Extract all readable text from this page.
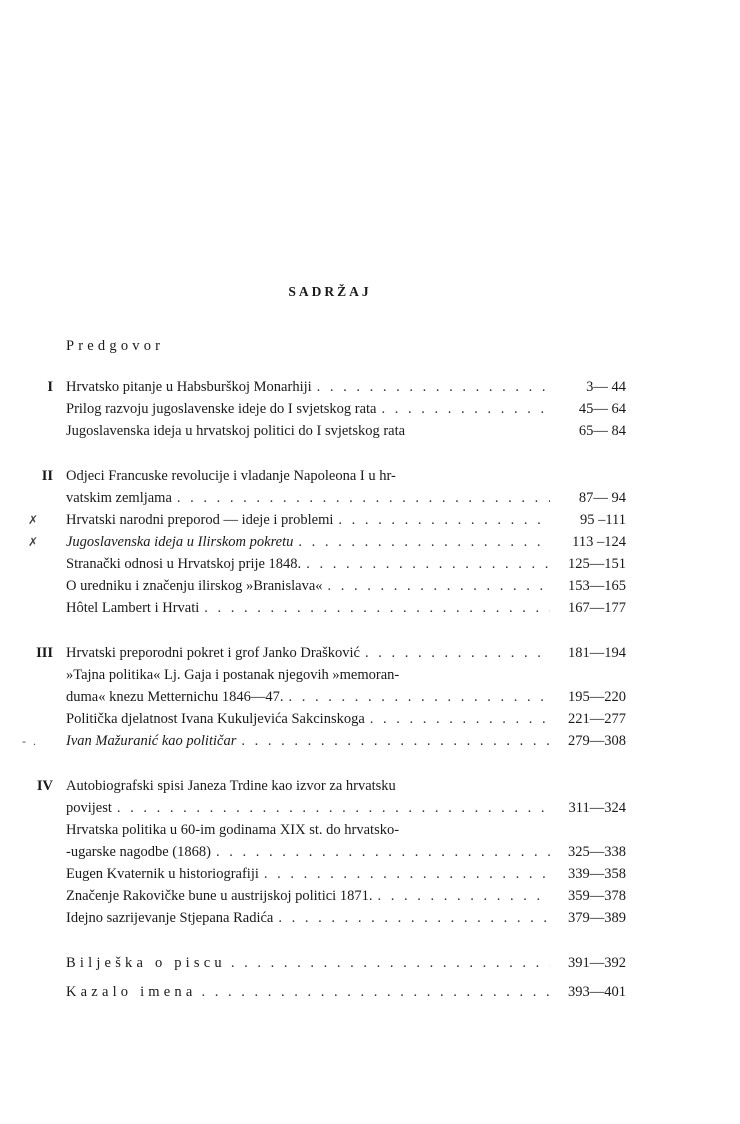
SADRŽAJ
Predgovor
I Hrvatsko pitanje u Habsburškoj Monarhiji . . .	3— 44
Prilog razvoju jugoslavenske ideje do I svjetskog rata . . .	45— 64
Jugoslavenska ideja u hrvatskoj politici do I svjetskog rata	65— 84
II Odjeci Francuske revolucije i vladanje Napoleona I u hr-
vatskim zemljama . . .	87— 94
✗	Hrvatski narodni preporod — ideje i problemi . . .	95 –111
✗	Jugoslavenska ideja u Ilirskom pokretu . . .	113 –124
Stranački odnosi u Hrvatskoj prije 1848. . . .	125—151
O uredniku i značenju ilirskog »Branislava« . . .	153—165
Hôtel Lambert i Hrvati . . .	167—177
III Hrvatski preporodni pokret i grof Janko Drašković . . .	181—194
»Tajna politika« Lj. Gaja i postanak njegovih »memoran-
duma« knezu Metternichu 1846—47. . . .	195—220
Politička djelatnost Ivana Kukuljevića Sakcinskoga . . .	221—277
- . Ivan Mažuranić kao političar . . .	279—308
IV Autobiografski spisi Janeza Trdine kao izvor za hrvatsku
povijest . . .	311—324
Hrvatska politika u 60-im godinama XIX st. do hrvatsko-
-ugarske nagodbe (1868) . . .	325—338
Eugen Kvaternik u historiografiji . . .	339—358
Značenje Rakovičke bune u austrijskoj politici 1871. . . .	359—378
Idejno sazrijevanje Stjepana Radića . . .	379—389
Bilješka o piscu . . .	391—392
Kazalo imena . . .	393—401
